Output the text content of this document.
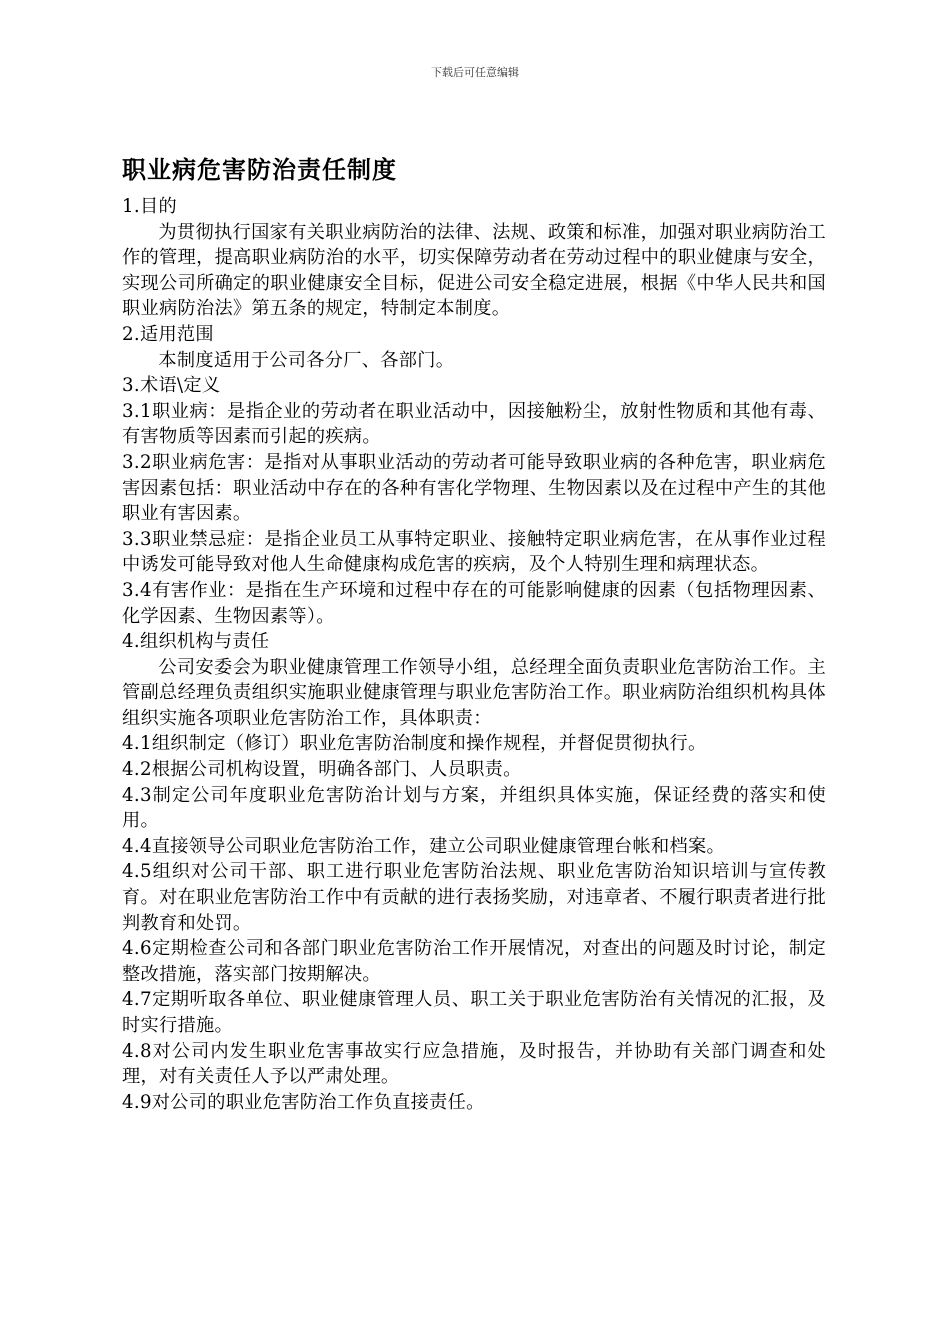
下载后可任意编辑
职业病危害防治责任制度

1.目的

为贯彻执行国家有关职业病防治的法律、法规、政策和标准，加强对职业病防治工作的管理，提高职业病防治的水平，切实保障劳动者在劳动过程中的职业健康与安全，实现公司所确定的职业健康安全目标，促进公司安全稳定进展，根据《中华人民共和国职业病防治法》第五条的规定，特制定本制度。

2.适用范围

本制度适用于公司各分厂、各部门。

3.术语\定义

3.1职业病：是指企业的劳动者在职业活动中，因接触粉尘，放射性物质和其他有毒、有害物质等因素而引起的疾病。

3.2职业病危害：是指对从事职业活动的劳动者可能导致职业病的各种危害，职业病危害因素包括：职业活动中存在的各种有害化学物理、生物因素以及在过程中产生的其他职业有害因素。

3.3职业禁忌症：是指企业员工从事特定职业、接触特定职业病危害，在从事作业过程中诱发可能导致对他人生命健康构成危害的疾病，及个人特别生理和病理状态。

3.4有害作业：是指在生产环境和过程中存在的可能影响健康的因素（包括物理因素、化学因素、生物因素等）。

4.组织机构与责任

公司安委会为职业健康管理工作领导小组，总经理全面负责职业危害防治工作。主管副总经理负责组织实施职业健康管理与职业危害防治工作。职业病防治组织机构具体组织实施各项职业危害防治工作，具体职责：

4.1组织制定（修订）职业危害防治制度和操作规程，并督促贯彻执行。

4.2根据公司机构设置，明确各部门、人员职责。

4.3制定公司年度职业危害防治计划与方案，并组织具体实施，保证经费的落实和使用。

4.4直接领导公司职业危害防治工作，建立公司职业健康管理台帐和档案。

4.5组织对公司干部、职工进行职业危害防治法规、职业危害防治知识培训与宣传教育。对在职业危害防治工作中有贡献的进行表扬奖励，对违章者、不履行职责者进行批判教育和处罚。

4.6定期检查公司和各部门职业危害防治工作开展情况，对查出的问题及时讨论，制定整改措施，落实部门按期解决。

4.7定期听取各单位、职业健康管理人员、职工关于职业危害防治有关情况的汇报，及时实行措施。

4.8对公司内发生职业危害事故实行应急措施，及时报告，并协助有关部门调查和处理，对有关责任人予以严肃处理。

4.9对公司的职业危害防治工作负直接责任。
